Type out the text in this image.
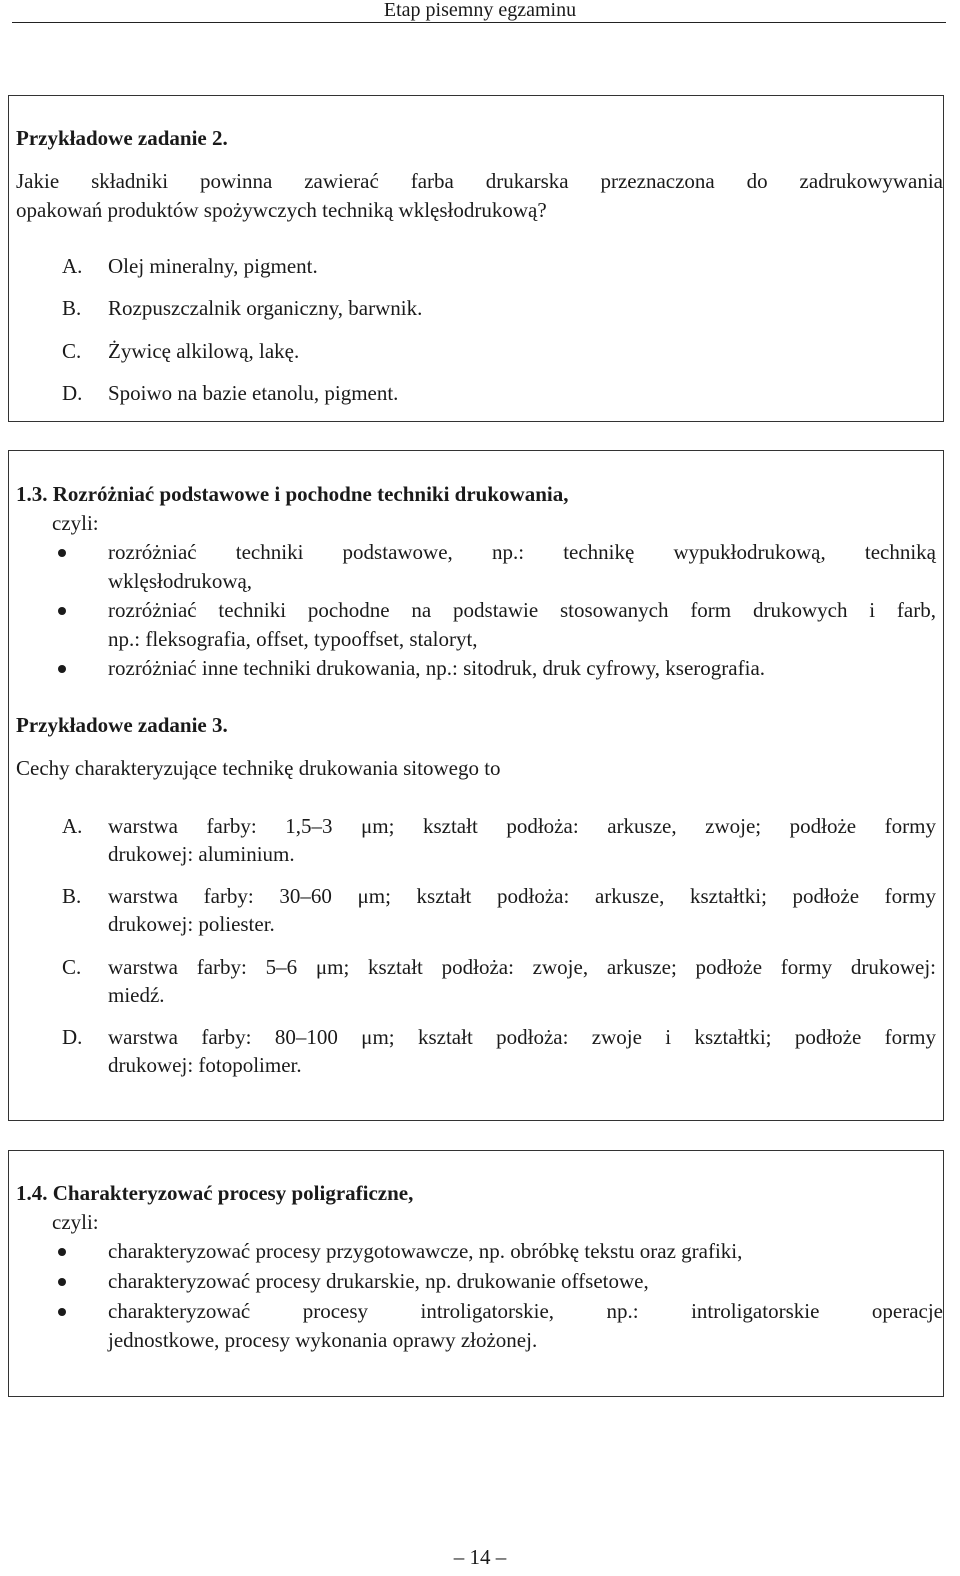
Etap pisemny egzaminu
Przykładowe zadanie 2.
Jakie składniki powinna zawierać farba drukarska przeznaczona do zadrukowywania
opakowań produktów spożywczych techniką wklęsłodrukową?
A. Olej mineralny, pigment.
B. Rozpuszczalnik organiczny, barwnik.
C. Żywicę alkilową, lakę.
D. Spoiwo na bazie etanolu, pigment.
1.3. Rozróżniać podstawowe i pochodne techniki drukowania,
czyli:
rozróżniać techniki podstawowe, np.: technikę wypukłodrukową, techniką
wklęsłodrukową,
rozróżniać techniki pochodne na podstawie stosowanych form drukowych i farb,
np.: fleksografia, offset, typooffset, staloryt,
rozróżniać inne techniki drukowania, np.: sitodruk, druk cyfrowy, kserografia.
Przykładowe zadanie 3.
Cechy charakteryzujące technikę drukowania sitowego to
A. warstwa farby: 1,5–3 μm; kształt podłoża: arkusze, zwoje; podłoże formy
drukowej: aluminium.
B. warstwa farby: 30–60 μm; kształt podłoża: arkusze, kształtki; podłoże formy
drukowej: poliester.
C. warstwa farby: 5–6 μm; kształt podłoża: zwoje, arkusze; podłoże formy drukowej:
miedź.
D. warstwa farby: 80–100 μm; kształt podłoża: zwoje i kształtki; podłoże formy
drukowej: fotopolimer.
1.4. Charakteryzować procesy poligraficzne,
czyli:
charakteryzować procesy przygotowawcze, np. obróbkę tekstu oraz grafiki,
charakteryzować procesy drukarskie, np. drukowanie offsetowe,
charakteryzować procesy introligatorskie, np.: introligatorskie operacje
jednostkowe, procesy wykonania oprawy złożonej.
– 14 –
